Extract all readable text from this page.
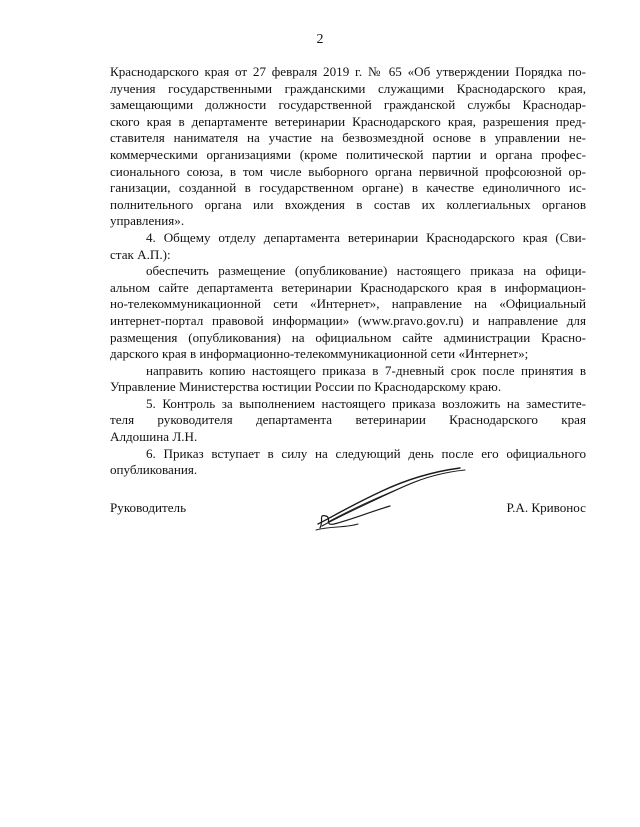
2
Краснодарского края от 27 февраля 2019 г. № 65 «Об утверждении Порядка по-
лучения государственными гражданскими служащими Краснодарского края,
замещающими должности государственной гражданской службы Краснодар-
ского края в департаменте ветеринарии Краснодарского края, разрешения пред-
ставителя нанимателя на участие на безвозмездной основе в управлении не-
коммерческими организациями (кроме политической партии и органа профес-
сионального союза, в том числе выборного органа первичной профсоюзной ор-
ганизации, созданной в государственном органе) в качестве единоличного ис-
полнительного органа или вхождения в состав их коллегиальных органов
управления».
4. Общему отделу департамента ветеринарии Краснодарского края (Сви-
стак А.П.):
обеспечить размещение (опубликование) настоящего приказа на офици-
альном сайте департамента ветеринарии Краснодарского края в информацион-
но-телекоммуникационной сети «Интернет», направление на «Официальный
интернет-портал правовой информации» (www.pravo.gov.ru) и направление для
размещения (опубликования) на официальном сайте администрации Красно-
дарского края в информационно-телекоммуникационной сети «Интернет»;
направить копию настоящего приказа в 7-дневный срок после принятия в
Управление Министерства юстиции России по Краснодарскому краю.
5. Контроль за выполнением настоящего приказа возложить на заместите-
теля руководителя департамента ветеринарии Краснодарского края
Алдошина Л.Н.
6. Приказ вступает в силу на следующий день после его официального
опубликования.
Руководитель	Р.А. Кривонос
